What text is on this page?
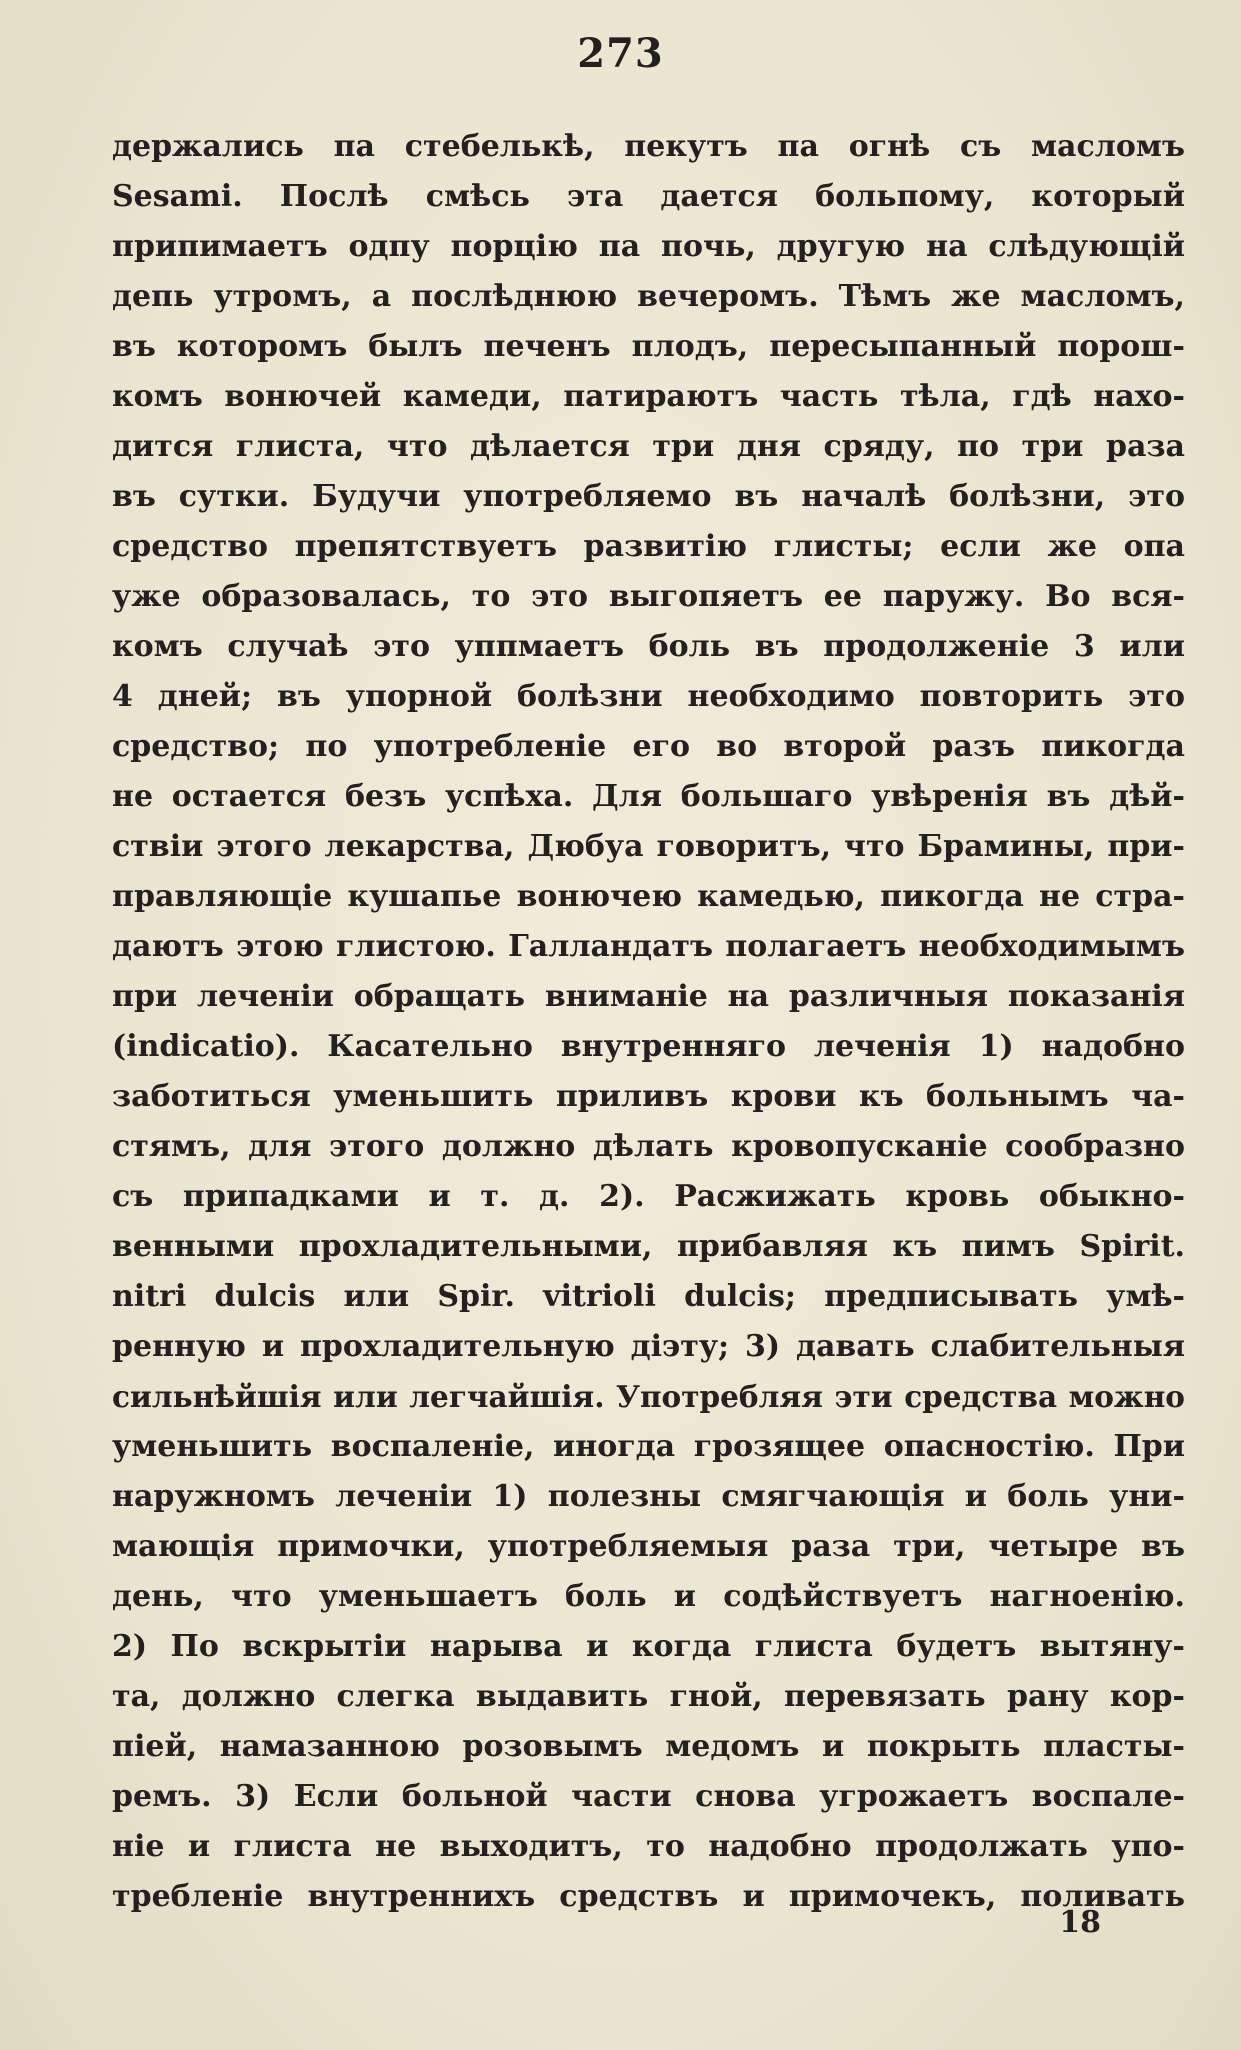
273
держались па стебелькѣ, пекутъ па огнѣ съ масломъ
Sesami. Послѣ смѣсь эта дается больпому, который
припимаетъ одпу порцію па почь, другую на слѣдующій
депь утромъ, а послѣднюю вечеромъ. Тѣмъ же масломъ,
въ которомъ былъ печенъ плодъ, пересыпанный порош-
комъ вонючей камеди, патираютъ часть тѣла, гдѣ нахо-
дится глиста, что дѣлается три дня сряду, по три раза
въ сутки. Будучи употребляемо въ началѣ болѣзни, это
средство препятствуетъ развитію глисты; если же опа
уже образовалась, то это выгопяетъ ее паружу. Во вся-
комъ случаѣ это уппмаетъ боль въ продолженіе 3 или
4 дней; въ упорной болѣзни необходимо повторить это
средство; по употребленіе его во второй разъ пикогда
не остается безъ успѣха. Для большаго увѣренія въ дѣй-
ствіи этого лекарства, Дюбуа говоритъ, что Брамины, при-
правляющіе кушапье вонючею камедью, пикогда не стра-
даютъ этою глистою. Галландатъ полагаетъ необходимымъ
при леченіи обращать вниманіе на различныя показанія
(indicatio). Касательно внутренняго леченія 1) надобно
заботиться уменьшить приливъ крови къ больнымъ ча-
стямъ, для этого должно дѣлать кровопусканіе сообразно
съ припадками и т. д. 2). Расжижать кровь обыкно-
венными прохладительными, прибавляя къ пимъ Spirit.
nitri dulcis или Spir. vitrioli dulcis; предписывать умѣ-
ренную и прохладительную діэту; 3) давать слабительныя
сильнѣйшія или легчайшія. Употребляя эти средства можно
уменьшить воспаленіе, иногда грозящее опасностію. При
наружномъ леченіи 1) полезны смягчающія и боль уни-
мающія примочки, употребляемыя раза три, четыре въ
день, что уменьшаетъ боль и содѣйствуетъ нагноенію.
2) По вскрытіи нарыва и когда глиста будетъ вытяну-
та, должно слегка выдавить гной, перевязать рану кор-
піей, намазанною розовымъ медомъ и покрыть пласты-
ремъ. 3) Если больной части снова угрожаетъ воспале-
ніе и глиста не выходитъ, то надобно продолжать упо-
требленіе внутреннихъ средствъ и примочекъ, поливать
18
